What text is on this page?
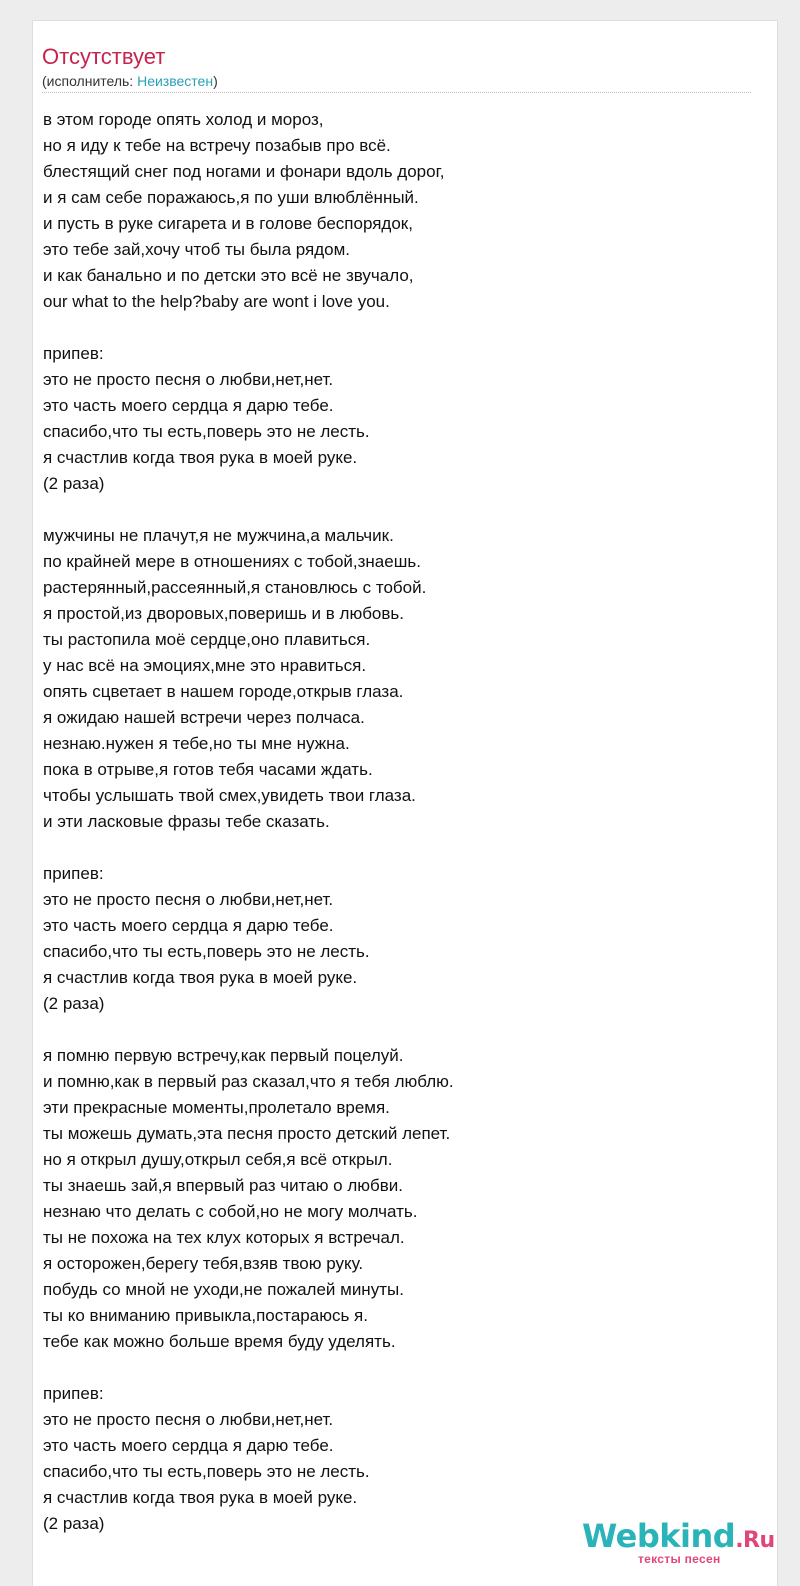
Отсутствует
(исполнитель: Неизвестен)
в этом городе опять холод и мороз,
но я иду к тебе на встречу позабыв про всё.
блестящий снег под ногами и фонари вдоль дорог,
и я сам себе поражаюсь,я по уши влюблённый.
и пусть в руке сигарета и в голове беспорядок,
это тебе зай,хочу чтоб ты была рядом.
и как банально и по детски это всё не звучало,
our what to the help?baby are wont i love you.
припев:
это не просто песня о любви,нет,нет.
это часть моего сердца я дарю тебе.
спасибо,что ты есть,поверь это не лесть.
я счастлив когда твоя рука в моей руке.
(2 раза)
мужчины не плачут,я не мужчина,а мальчик.
по крайней мере в отношениях с тобой,знаешь.
растерянный,рассеянный,я становлюсь с тобой.
я простой,из дворовых,поверишь и в любовь.
ты растопила моё сердце,оно плавиться.
у нас всё на эмоциях,мне это нравиться.
опять сцветает в нашем городе,открыв глаза.
я ожидаю нашей встречи через полчаса.
незнаю.нужен я тебе,но ты мне нужна.
пока в отрыве,я готов тебя часами ждать.
чтобы услышать твой смех,увидеть твои глаза.
и эти ласковые фразы тебе сказать.
припев:
это не просто песня о любви,нет,нет.
это часть моего сердца я дарю тебе.
спасибо,что ты есть,поверь это не лесть.
я счастлив когда твоя рука в моей руке.
(2 раза)
я помню первую встречу,как первый поцелуй.
и помню,как в первый раз сказал,что я тебя люблю.
эти прекрасные моменты,пролетало время.
ты можешь думать,эта песня просто детский лепет.
но я открыл душу,открыл себя,я всё открыл.
ты знаешь зай,я впервый раз читаю о любви.
незнаю что делать с собой,но не могу молчать.
ты не похожа на тех клух которых я встречал.
я осторожен,берегу тебя,взяв твою руку.
побудь со мной не уходи,не пожалей минуты.
ты ко вниманию привыкла,постараюсь я.
тебе как можно больше время буду уделять.
припев:
это не просто песня о любви,нет,нет.
это часть моего сердца я дарю тебе.
спасибо,что ты есть,поверь это не лесть.
я счастлив когда твоя рука в моей руке.
(2 раза)	Webkind.Ru
тексты песен
